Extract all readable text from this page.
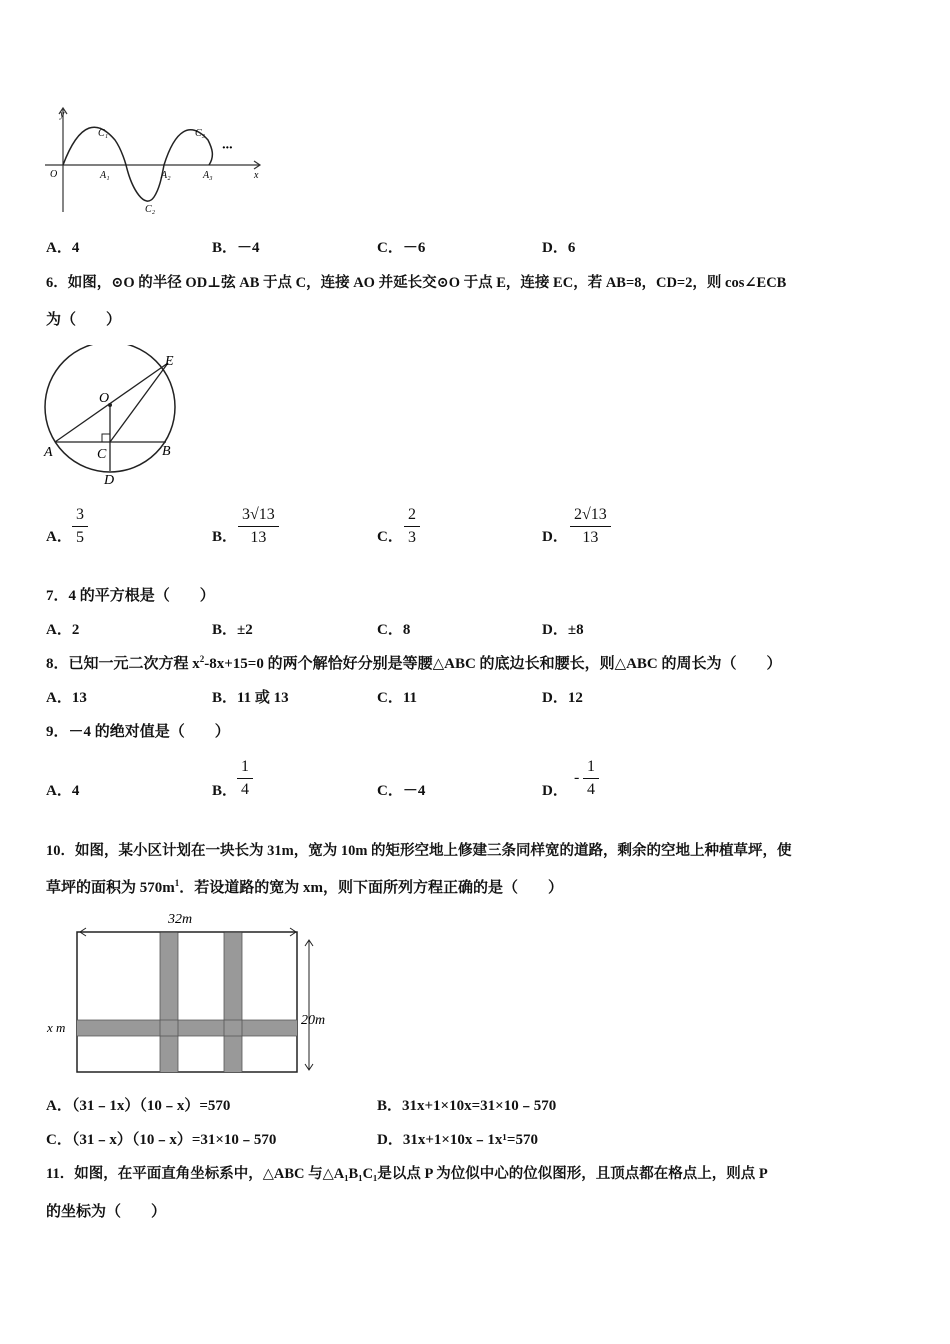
y
x
O
C₁
C₂
C₃
A₁	A₂	A₃
···
A．4	B．－4	C．－6	D．6
6．如图，⊙O 的半径 OD⊥弦 AB 于点 C，连接 AO 并延长交⊙O 于点 E，连接 EC，若 AB=8，CD=2，则 cos∠ECB
为（　　）
O
A	B
C
D
E
A． $\frac{3}{5}$	B． $\frac{3√13}{13}$	C． $\frac{2}{3}$	D． $\frac{2√13}{13}$
7．4 的平方根是（　　）
A．2	B．±2	C．8	D．±8
8．已知一元二次方程 $x^2-8x+15=0$ 的两个解恰好分别是等腰△ABC 的底边长和腰长，则△ABC 的周长为（　　）
A．13	B．11 或 13	C．11	D．12
9．－4 的绝对值是（　　）
A．4	B． $\frac{1}{4}$	C．－4	D．
- $\frac{1}{4}$
10．如图，某小区计划在一块长为 31m，宽为 10m 的矩形空地上修建三条同样宽的道路，剩余的空地上种植草坪，使
草坪的面积为 $570m^1$．若设道路的宽为 xm，则下面所列方程正确的是（　　）
32m
20m
x m
A．（31﹣1x）（10﹣x）=570	B．31x+1×10x=31×10﹣570
C．（31﹣x）（10﹣x）=31×10﹣570	D．31x+1×10x﹣1x¹=570
11．如图，在平面直角坐标系中，△ABC 与△A₁B₁C₁是以点 P 为位似中心的位似图形，且顶点都在格点上，则点 P
的坐标为（　　）
